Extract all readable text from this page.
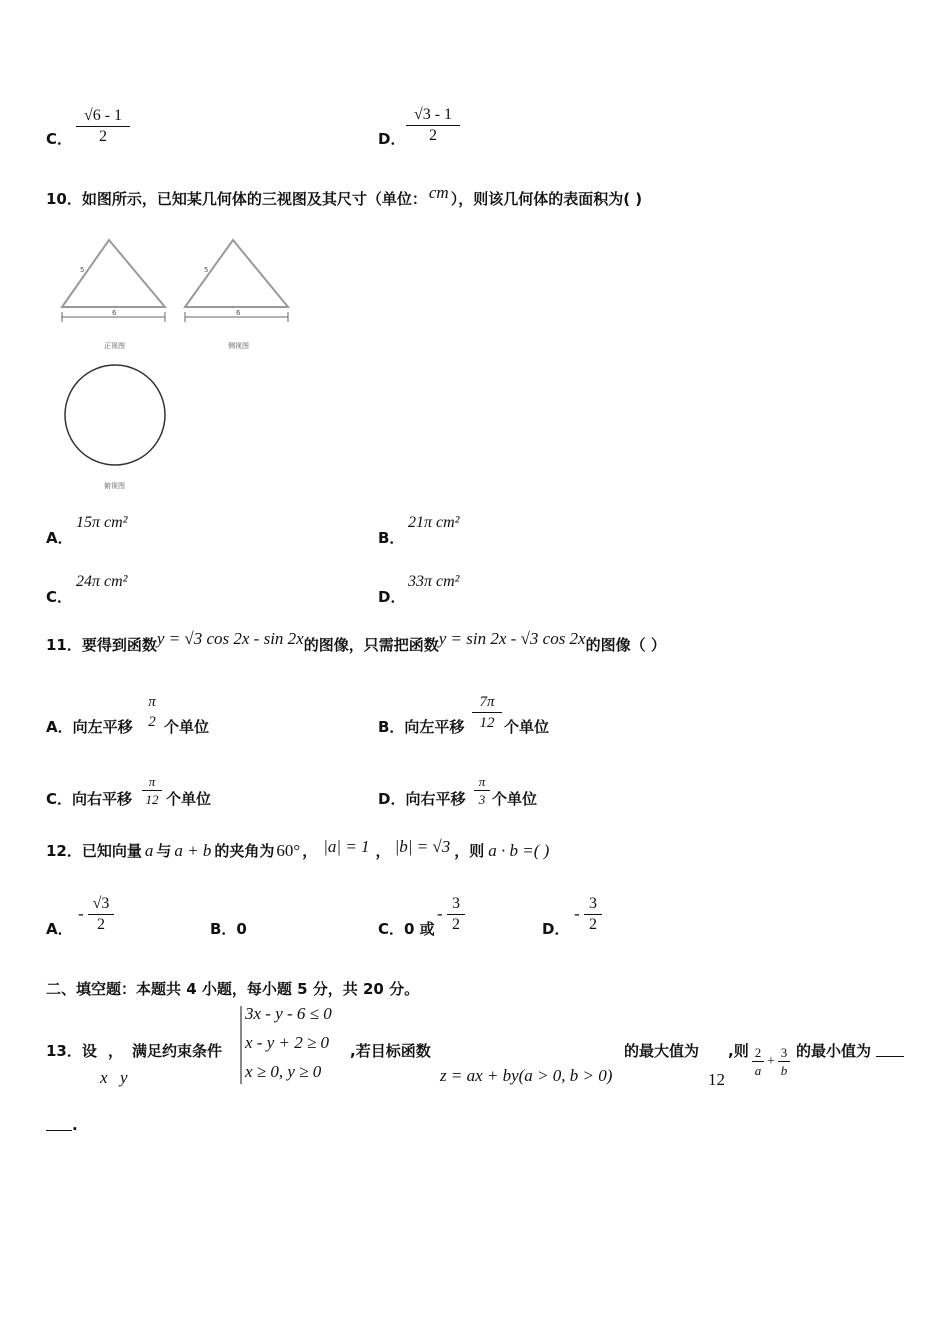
C． $\frac{√6 - 1}{2}$	D． $\frac{√3 - 1}{2}$
10．如图所示，已知某几何体的三视图及其尺寸（单位： cm ），则该几何体的表面积为( )
5
6
5
6
正视图	侧视图
俯视图
A．
15π cm²
B．
21π cm²
C．
24π cm²
D．
33π cm²
11．要得到函数y = √3 cos 2x - sin 2x的图像，只需把函数y = sin 2x - √3 cos 2x的图像（ ）
A．向左平移
π
2 个单位	B．向左平移 $\frac{7\pi}{12}$ 个单位
C．向右平移 $\frac{\pi}{12}$ 个单位	D．向右平移 $\frac{\pi}{3}$ 个单位
12．已知向量 a 与 a + b 的夹角为 60° ， |a| = 1 ， |b| = √3 ，则 a · b =( )
A．
- $\frac{√3}{2}$	B．0	C．0 或
- $\frac{3}{2}$	D．
- $\frac{3}{2}$
二、填空题：本题共 4 小题，每小题 5 分，共 20 分。
13．设 ， 满足约束条件
x y
3x - y - 6 ≤ 0
x - y + 2 ≥ 0
x ≥ 0, y ≥ 0
,若目标函数
z = ax + by(a > 0, b > 0)
的最大值为
12
,则 $\frac{2}{a} + \frac{3}{b}$ 的最小值为
.
